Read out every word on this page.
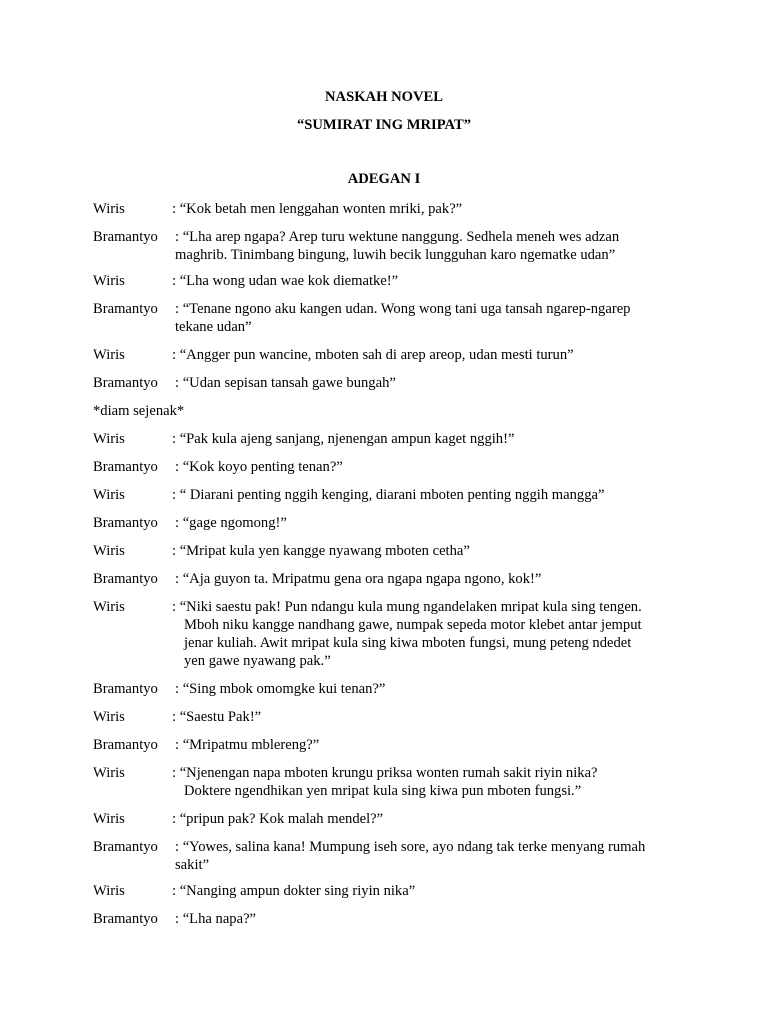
NASKAH NOVEL
“SUMIRAT ING MRIPAT”
ADEGAN I
Wiris	: “Kok betah men lenggahan wonten mriki, pak?”
Bramantyo : “Lha arep ngapa? Arep turu wektune nanggung. Sedhela meneh wes adzan
maghrib. Tinimbang bingung, luwih becik lungguhan karo ngematke udan”
Wiris	: “Lha wong udan wae kok diematke!”
Bramantyo : “Tenane ngono aku kangen udan. Wong wong tani uga tansah ngarep-ngarep
tekane udan”
Wiris	: “Angger pun wancine, mboten sah di arep areop, udan mesti turun”
Bramantyo : “Udan sepisan tansah gawe bungah”
*diam sejenak*
Wiris	: “Pak kula ajeng sanjang, njenengan ampun kaget nggih!”
Bramantyo : “Kok koyo penting tenan?”
Wiris	: “ Diarani penting nggih kenging, diarani mboten penting nggih mangga”
Bramantyo : “gage ngomong!”
Wiris	: “Mripat kula yen kangge nyawang mboten cetha”
Bramantyo : “Aja guyon ta. Mripatmu gena ora ngapa ngapa ngono, kok!”
Wiris	: “Niki saestu pak! Pun ndangu kula mung ngandelaken mripat kula sing tengen.
Mboh niku kangge nandhang gawe, numpak sepeda motor klebet antar jemput
jenar kuliah. Awit mripat kula sing kiwa mboten fungsi, mung peteng ndedet
yen gawe nyawang pak.”
Bramantyo : “Sing mbok omomgke kui tenan?”
Wiris	: “Saestu Pak!”
Bramantyo : “Mripatmu mblereng?”
Wiris	: “Njenengan napa mboten krungu priksa wonten rumah sakit riyin nika?
Doktere ngendhikan yen mripat kula sing kiwa pun mboten fungsi.”
Wiris	: “pripun pak? Kok malah mendel?”
Bramantyo : “Yowes, salina kana! Mumpung iseh sore, ayo ndang tak terke menyang rumah
sakit”
Wiris	: “Nanging ampun dokter sing riyin nika”
Bramantyo : “Lha napa?”
